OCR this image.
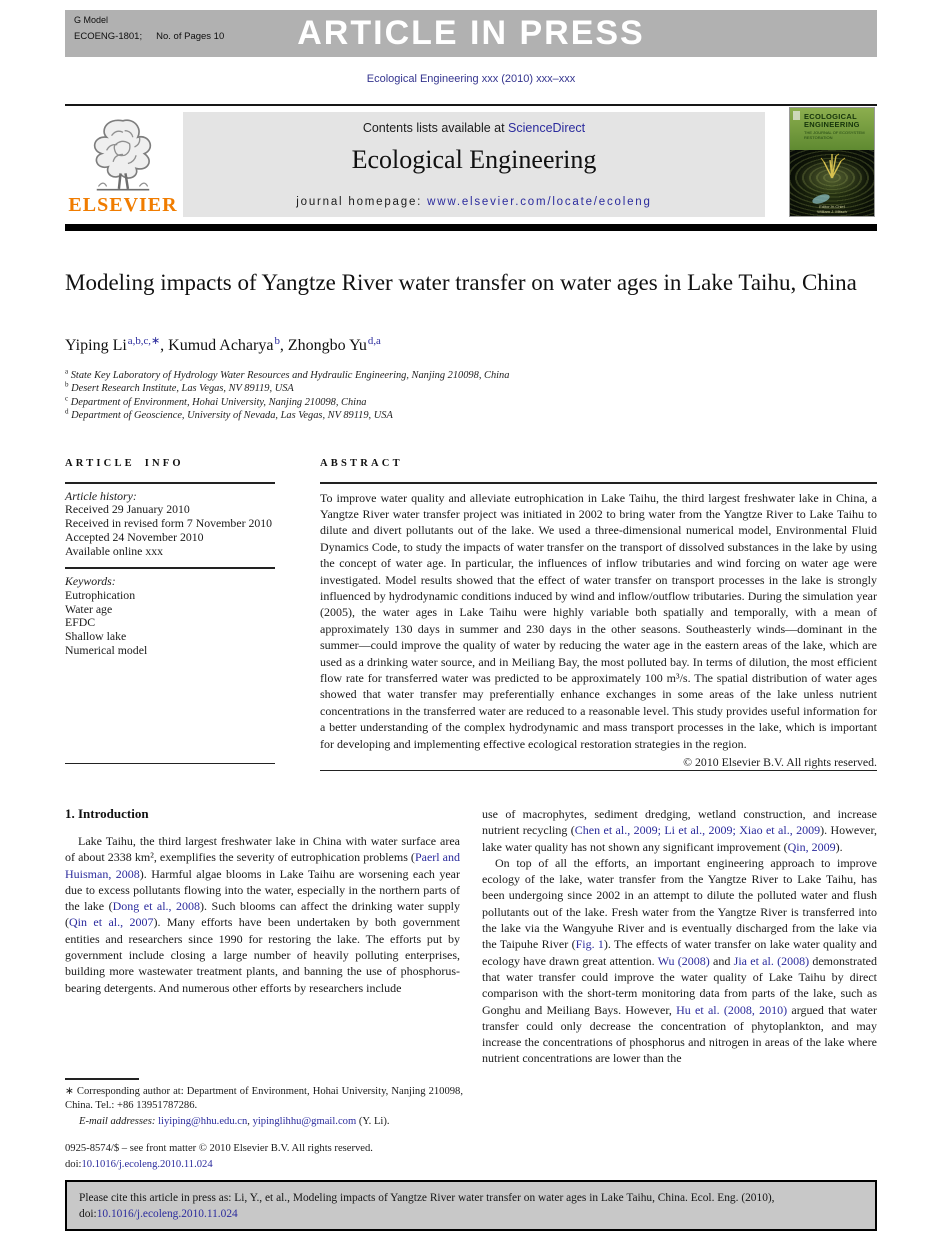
G Model
ECOENG-1801; No. of Pages 10	ARTICLE IN PRESS
Ecological Engineering xxx (2010) xxx–xxx
ELSEVIER
Contents lists available at ScienceDirect
Ecological Engineering
journal homepage: www.elsevier.com/locate/ecoleng
ECOLOGICAL
ENGINEERING
THE JOURNAL OF ECOSYSTEM RESTORATION
Editor-in-Chief
William J. Mitsch
Modeling impacts of Yangtze River water transfer on water ages in Lake Taihu, China
Yiping $Li^{a,b,c,∗}$, Kumud Acharya$^b$, Zhongbo Yu$^{d,a}$
$^a$ State Key Laboratory of Hydrology Water Resources and Hydraulic Engineering, Nanjing 210098, China
$^b$ Desert Research Institute, Las Vegas, NV 89119, USA
$^c$ Department of Environment, Hohai University, Nanjing 210098, China
$^d$ Department of Geoscience, University of Nevada, Las Vegas, NV 89119, USA
ARTICLE INFO
Article history:
Received 29 January 2010
Received in revised form 7 November 2010
Accepted 24 November 2010
Available online xxx
Keywords:
Eutrophication
Water age
EFDC
Shallow lake
Numerical model
ABSTRACT
To improve water quality and alleviate eutrophication in Lake Taihu, the third largest freshwater lake in China, a Yangtze River water transfer project was initiated in 2002 to bring water from the Yangtze River to Lake Taihu to dilute and divert pollutants out of the lake. We used a three-dimensional numerical model, Environmental Fluid Dynamics Code, to study the impacts of water transfer on the transport of dissolved substances in the lake by using the concept of water age. In particular, the influences of inflow tributaries and wind forcing on water age were investigated. Model results showed that the effect of water transfer on transport processes in the lake is strongly influenced by hydrodynamic conditions induced by wind and inflow/outflow tributaries. During the simulation year (2005), the water ages in Lake Taihu were highly variable both spatially and temporally, with a mean of approximately 130 days in summer and 230 days in the other seasons. Southeasterly winds—dominant in the summer—could improve the quality of water by reducing the water age in the eastern areas of the lake, which are used as a drinking water source, and in Meiliang Bay, the most polluted bay. In terms of dilution, the most efficient flow rate for transferred water was predicted to be approximately 100 m³/s. The spatial distribution of water ages showed that water transfer may preferentially enhance exchanges in some areas of the lake unless nutrient concentrations in the transferred water are reduced to a reasonable level. This study provides useful information for a better understanding of the complex hydrodynamic and mass transport processes in the lake, which is important for developing and implementing effective ecological restoration strategies in the region.
© 2010 Elsevier B.V. All rights reserved.
1. Introduction

Lake Taihu, the third largest freshwater lake in China with water surface area of about 2338 km², exemplifies the severity of eutrophication problems (Paerl and Huisman, 2008). Harmful algae blooms in Lake Taihu are worsening each year due to excess pollutants flowing into the water, especially in the northern parts of the lake (Dong et al., 2008). Such blooms can affect the drinking water supply (Qin et al., 2007). Many efforts have been undertaken by both government entities and researchers since 1990 for restoring the lake. The efforts put by government include closing a large number of heavily polluting enterprises, building more wastewater treatment plants, and banning the use of phosphorus-bearing detergents. And numerous other efforts by researchers include

use of macrophytes, sediment dredging, wetland construction, and increase nutrient recycling (Chen et al., 2009; Li et al., 2009; Xiao et al., 2009). However, lake water quality has not shown any significant improvement (Qin, 2009).

On top of all the efforts, an important engineering approach to improve ecology of the lake, water transfer from the Yangtze River to Lake Taihu, has been undergoing since 2002 in an attempt to dilute the polluted water and flush pollutants out of the lake. Fresh water from the Yangtze River is transferred into the lake via the Wangyuhe River and is eventually discharged from the lake via the Taipuhe River (Fig. 1). The effects of water transfer on lake water quality and ecology have drawn great attention. Wu (2008) and Jia et al. (2008) demonstrated that water transfer could improve the water quality of Lake Taihu by direct comparison with the short-term monitoring data from parts of the lake, such as Gonghu and Meiliang Bays. However, Hu et al. (2008, 2010) argued that water transfer could only decrease the concentration of phytoplankton, and may increase the concentrations of phosphorus and nitrogen in areas of the lake where nutrient concentrations are lower than the

∗ Corresponding author at: Department of Environment, Hohai University, Nanjing 210098, China. Tel.: +86 13951787286.
E-mail addresses: liyiping@hhu.edu.cn, yipinglihhu@gmail.com (Y. Li).
0925-8574/$ – see front matter © 2010 Elsevier B.V. All rights reserved.
doi:10.1016/j.ecoleng.2010.11.024
Please cite this article in press as: Li, Y., et al., Modeling impacts of Yangtze River water transfer on water ages in Lake Taihu, China. Ecol. Eng. (2010), doi:10.1016/j.ecoleng.2010.11.024
